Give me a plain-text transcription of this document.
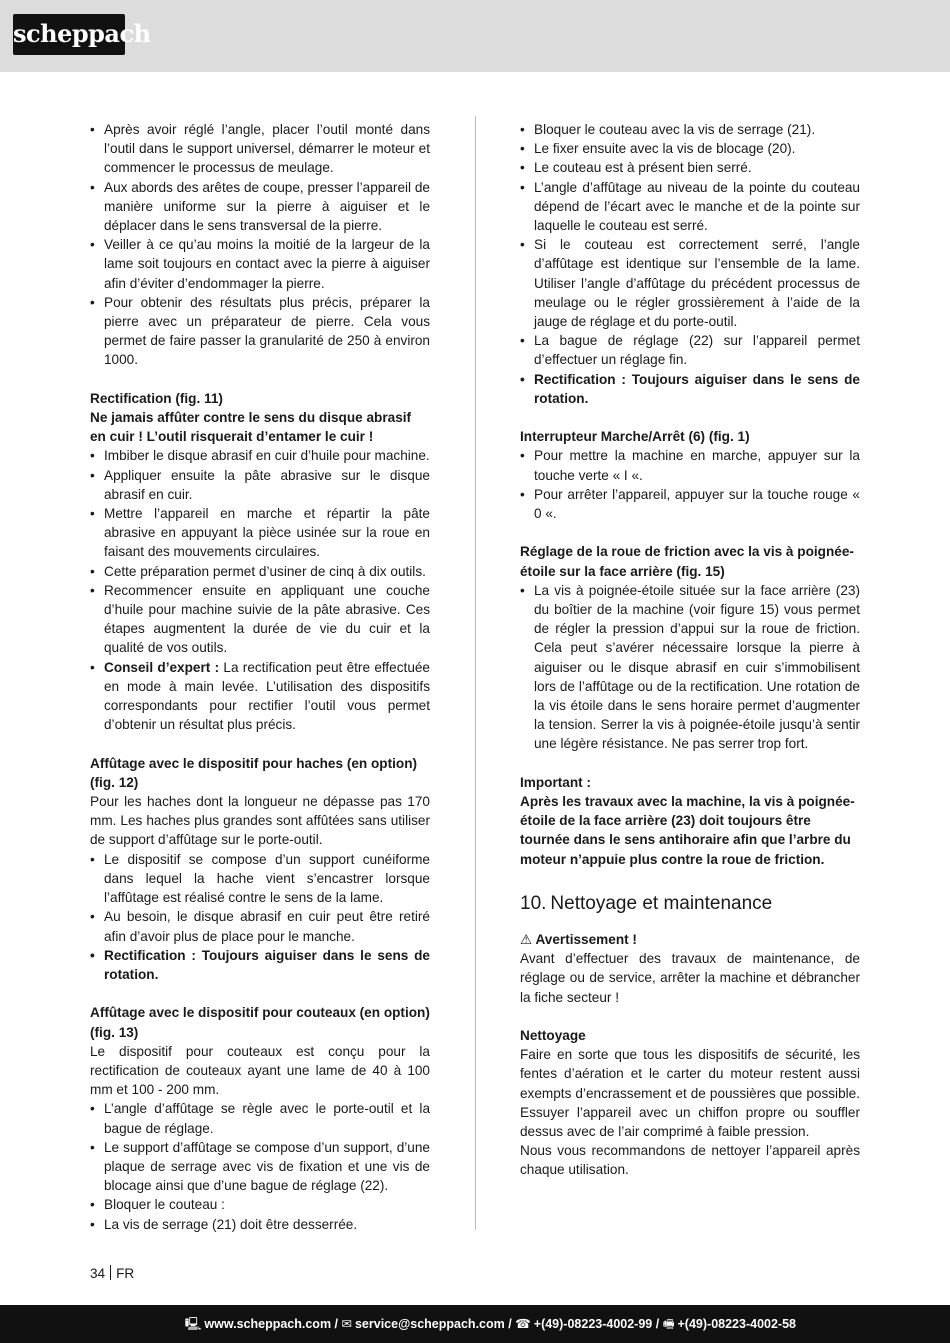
scheppach
• Après avoir réglé l’angle, placer l’outil monté dans l’outil dans le support universel, démarrer le moteur et commencer le processus de meulage.
• Aux abords des arêtes de coupe, presser l’appareil de manière uniforme sur la pierre à aiguiser et le déplacer dans le sens transversal de la pierre.
• Veiller à ce qu’au moins la moitié de la largeur de la lame soit toujours en contact avec la pierre à aiguiser afin d’éviter d’endommager la pierre.
• Pour obtenir des résultats plus précis, préparer la pierre avec un préparateur de pierre. Cela vous permet de faire passer la granularité de 250 à environ 1000.

Rectification (fig. 11)

Ne jamais affûter contre le sens du disque abrasif en cuir ! L’outil risquerait d’entamer le cuir !

• Imbiber le disque abrasif en cuir d’huile pour machine.
• Appliquer ensuite la pâte abrasive sur le disque abrasif en cuir.
• Mettre l’appareil en marche et répartir la pâte abrasive en appuyant la pièce usinée sur la roue en faisant des mouvements circulaires.
• Cette préparation permet d’usiner de cinq à dix outils.
• Recommencer ensuite en appliquant une couche d’huile pour machine suivie de la pâte abrasive. Ces étapes augmentent la durée de vie du cuir et la qualité de vos outils.
• Conseil d’expert : La rectification peut être effectuée en mode à main levée. L’utilisation des dispositifs correspondants pour rectifier l’outil vous permet d’obtenir un résultat plus précis.

Affûtage avec le dispositif pour haches (en option) (fig. 12)

Pour les haches dont la longueur ne dépasse pas 170 mm. Les haches plus grandes sont affûtées sans utiliser de support d’affûtage sur le porte-outil.

• Le dispositif se compose d’un support cunéiforme dans lequel la hache vient s’encastrer lorsque l’affûtage est réalisé contre le sens de la lame.
• Au besoin, le disque abrasif en cuir peut être retiré afin d’avoir plus de place pour le manche.
• Rectification : Toujours aiguiser dans le sens de rotation.

Affûtage avec le dispositif pour couteaux (en option) (fig. 13)

Le dispositif pour couteaux est conçu pour la rectification de couteaux ayant une lame de 40 à 100 mm et 100 - 200 mm.

• L’angle d’affûtage se règle avec le porte-outil et la bague de réglage.
• Le support d’affûtage se compose d’un support, d’une plaque de serrage avec vis de fixation et une vis de blocage ainsi que d’une bague de réglage (22).
• Bloquer le couteau :
• La vis de serrage (21) doit être desserrée.
• Bloquer le couteau avec la vis de serrage (21).
• Le fixer ensuite avec la vis de blocage (20).
• Le couteau est à présent bien serré.
• L’angle d’affûtage au niveau de la pointe du couteau dépend de l’écart avec le manche et de la pointe sur laquelle le couteau est serré.
• Si le couteau est correctement serré, l’angle d’affûtage est identique sur l’ensemble de la lame. Utiliser l’angle d’affûtage du précédent processus de meulage ou le régler grossièrement à l’aide de la jauge de réglage et du porte-outil.
• La bague de réglage (22) sur l’appareil permet d’effectuer un réglage fin.
• Rectification : Toujours aiguiser dans le sens de rotation.

Interrupteur Marche/Arrêt (6) (fig. 1)

• Pour mettre la machine en marche, appuyer sur la touche verte « I «.
• Pour arrêter l’appareil, appuyer sur la touche rouge « 0 «.

Réglage de la roue de friction avec la vis à poignée-étoile sur la face arrière (fig. 15)

• La vis à poignée-étoile située sur la face arrière (23) du boîtier de la machine (voir figure 15) vous permet de régler la pression d’appui sur la roue de friction. Cela peut s’avérer nécessaire lorsque la pierre à aiguiser ou le disque abrasif en cuir s’immobilisent lors de l’affûtage ou de la rectification. Une rotation de la vis étoile dans le sens horaire permet d’augmenter la tension. Serrer la vis à poignée-étoile jusqu’à sentir une légère résistance. Ne pas serrer trop fort.

Important :

Après les travaux avec la machine, la vis à poignée-étoile de la face arrière (23) doit toujours être tournée dans le sens antihoraire afin que l’arbre du moteur n’appuie plus contre la roue de friction.

10. Nettoyage et maintenance

⚠ Avertissement !

Avant d’effectuer des travaux de maintenance, de réglage ou de service, arrêter la machine et débrancher la fiche secteur !

Nettoyage

Faire en sorte que tous les dispositifs de sécurité, les fentes d’aération et le carter du moteur restent aussi exempts d’encrassement et de poussières que possible. Essuyer l’appareil avec un chiffon propre ou souffler dessus avec de l’air comprimé à faible pression.

Nous vous recommandons de nettoyer l’appareil après chaque utilisation.

34 FR
🖳 www.scheppach.com / ✉ service@scheppach.com / ☎ +(49)-08223-4002-99 / 🖷 +(49)-08223-4002-58
